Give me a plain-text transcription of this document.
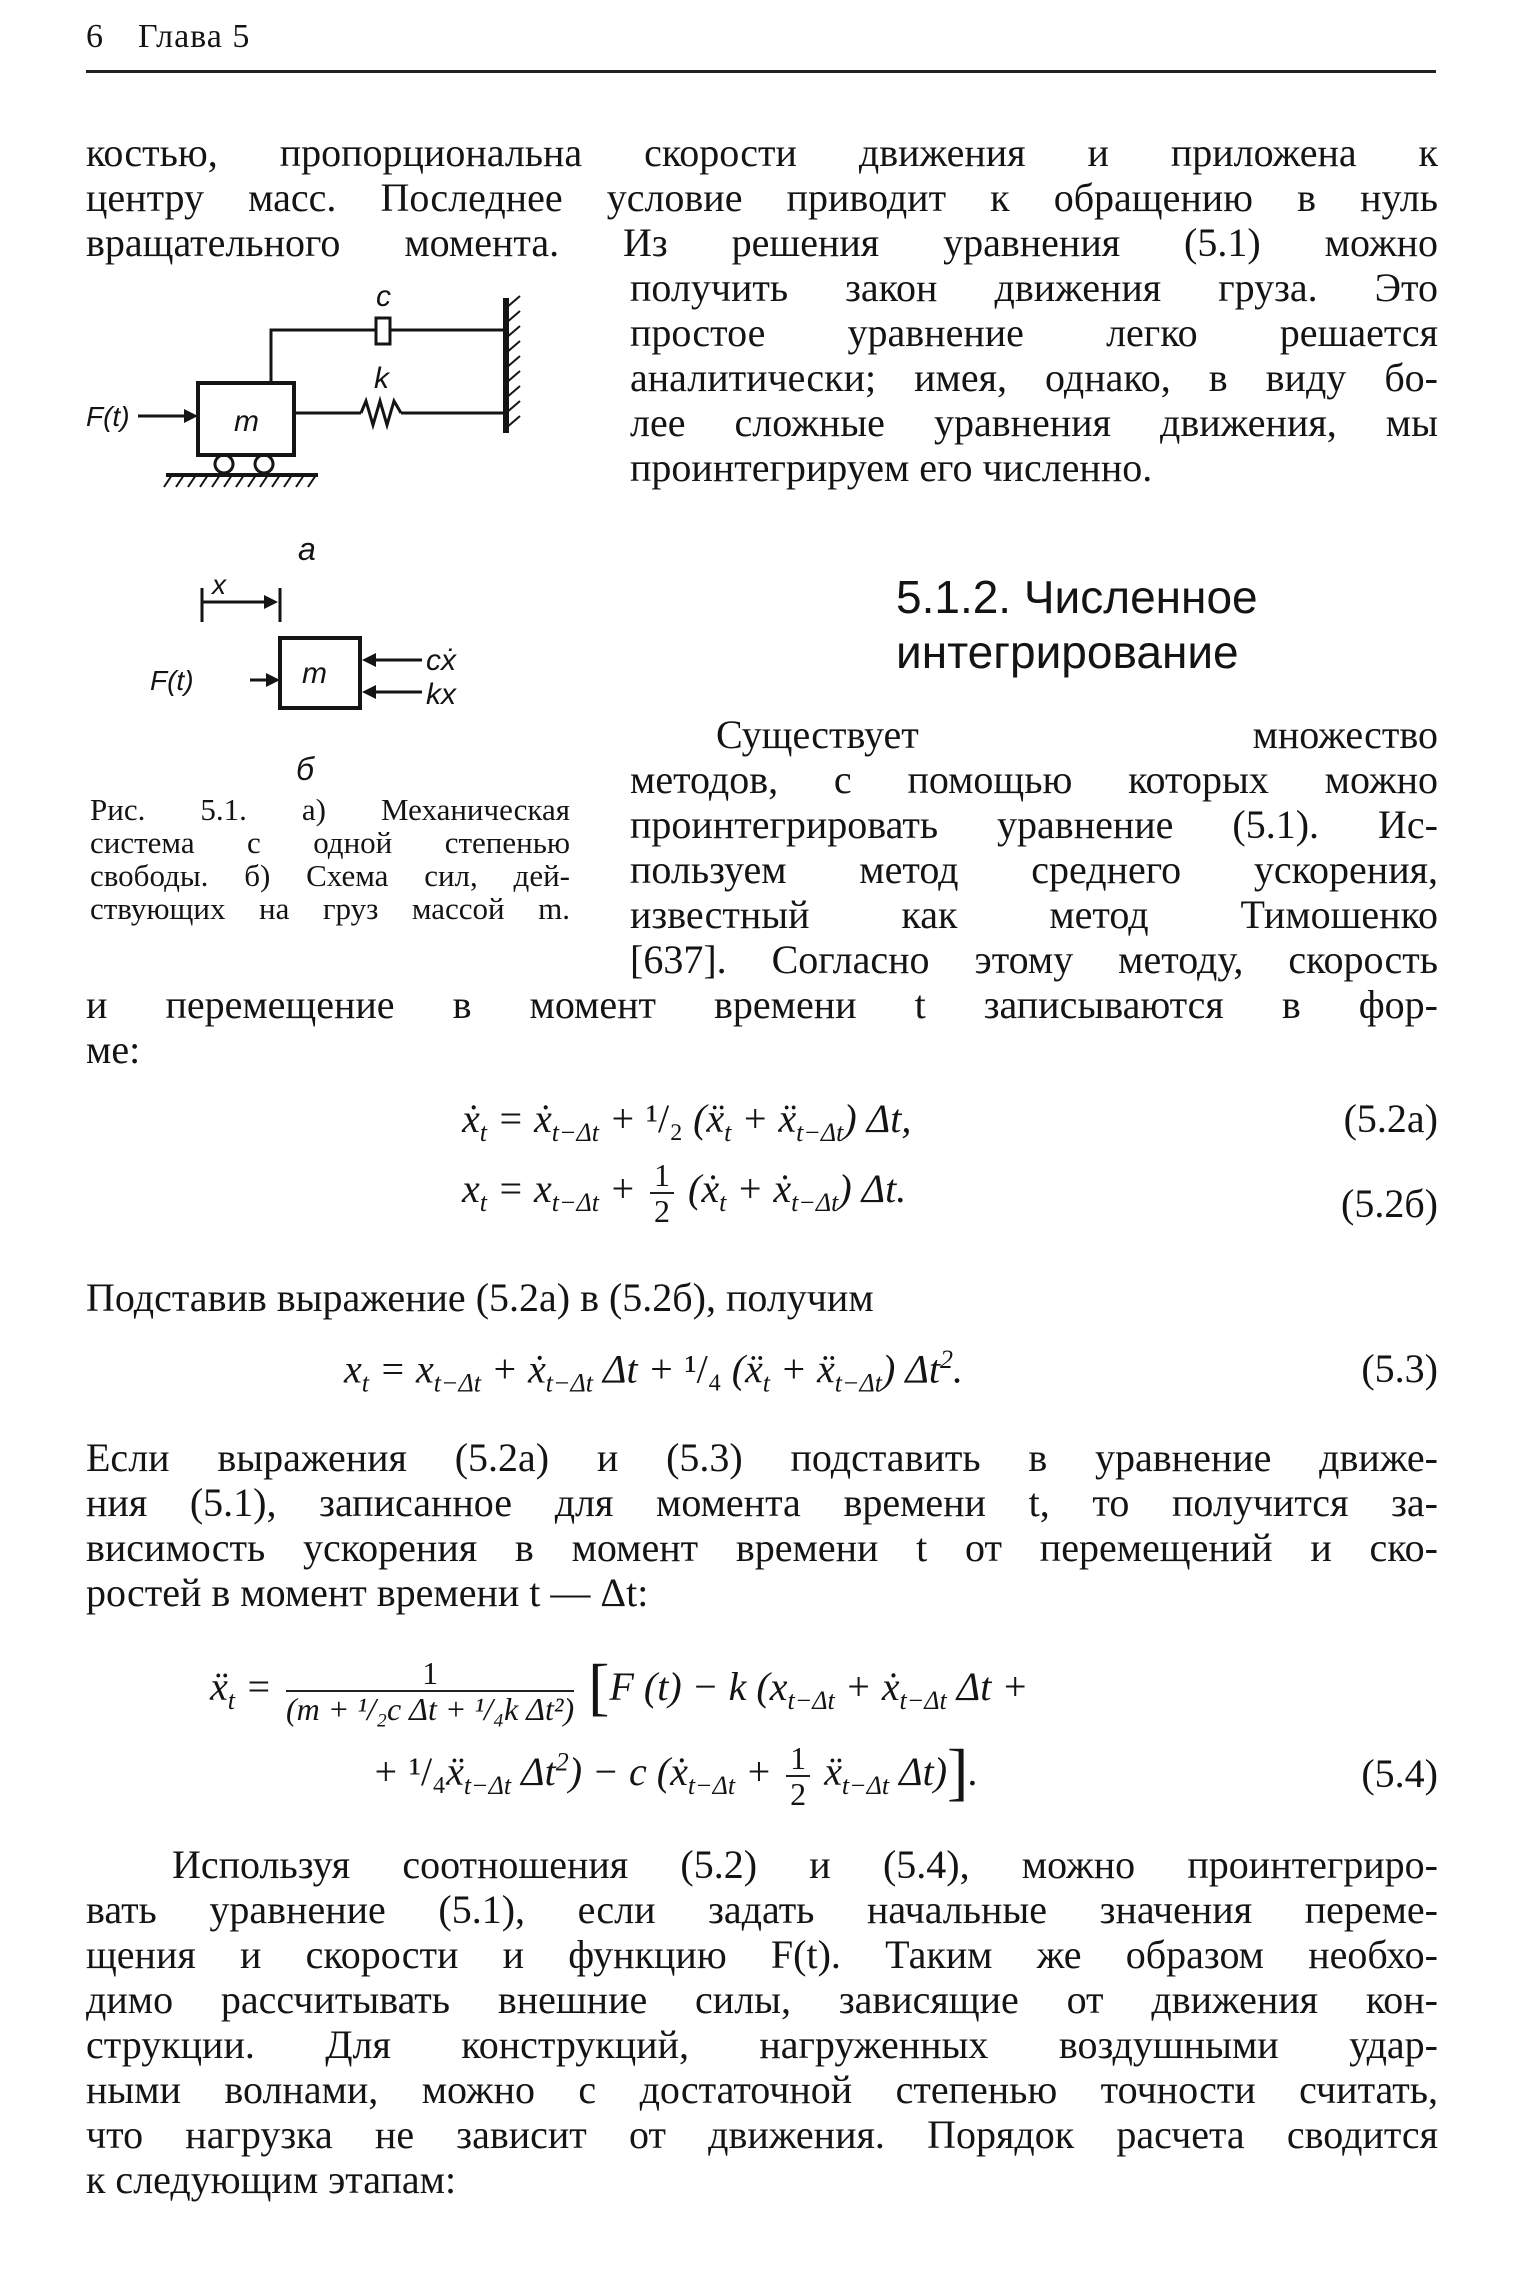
6 Глава 5
костью, пропорциональна скорости движения и приложена к
центру масс. Последнее условие приводит к обращению в нуль
вращательного момента. Из решения уравнения (5.1) можно
получить закон движения груза. Это
простое уравнение легко решается
аналитически; имея, однако, в виду бо-
лее сложные уравнения движения, мы
проинтегрируем его численно.
c
m
k
F(t)
а
x
m
F(t)
cẋ
kx
б
Рис. 5.1. а) Механическая
система с одной степенью
свободы. б) Схема сил, дей-
ствующих на груз массой m.
5.1.2. Численное
интегрирование
Существует множество
методов, с помощью которых можно
проинтегрировать уравнение (5.1). Ис-
пользуем метод среднего ускорения,
известный как метод Тимошенко
[637]. Согласно этому методу, скорость
и перемещение в момент времени t записываются в фор-
ме:
ẋ$_t$ = ẋ$_{t-\Delta t}$ + ¹/₂ (ẍ$_t$ + ẍ$_{t-\Delta t}$) Δt,	(5.2а)
$x_t = x_{t-\Delta t} + \frac{1}{2}$ (ẋ$_t$ + ẋ$_{t-\Delta t}$) Δt.	(5.2б)
Подставив выражение (5.2а) в (5.2б), получим
$x_t = x_{t-\Delta t}$ + ẋ$_{t-\Delta t}$ Δt + ¹/₄ (ẍ$_t$ + ẍ$_{t-\Delta t}$) $\Delta t^2$.	(5.3)
Если выражения (5.2а) и (5.3) подставить в уравнение движе-
ния (5.1), записанное для момента времени t, то получится за-
висимость ускорения в момент времени t от перемещений и ско-
ростей в момент времени t — Δt:
ẍ$_t$ = $\frac{1}{\text{(m + ¹/₂c Δt + ¹/₄k Δt²)}} [F$ (t) − k ($x_{t-\Delta t}$ + ẋ$_{t-\Delta t}$ Δt +
+ ¹/₄ẍ$_{t-\Delta t}$ $\Delta t^2) - c$ (ẋ$_{t-\Delta t}$ + $\frac{1}{2}$ ẍ$_{t-\Delta t}$ Δt)].	(5.4)
Используя соотношения (5.2) и (5.4), можно проинтегриро-
вать уравнение (5.1), если задать начальные значения переме-
щения и скорости и функцию F(t). Таким же образом необхо-
димо рассчитывать внешние силы, зависящие от движения кон-
струкции. Для конструкций, нагруженных воздушными удар-
ными волнами, можно с достаточной степенью точности считать,
что нагрузка не зависит от движения. Порядок расчета сводится
к следующим этапам:
